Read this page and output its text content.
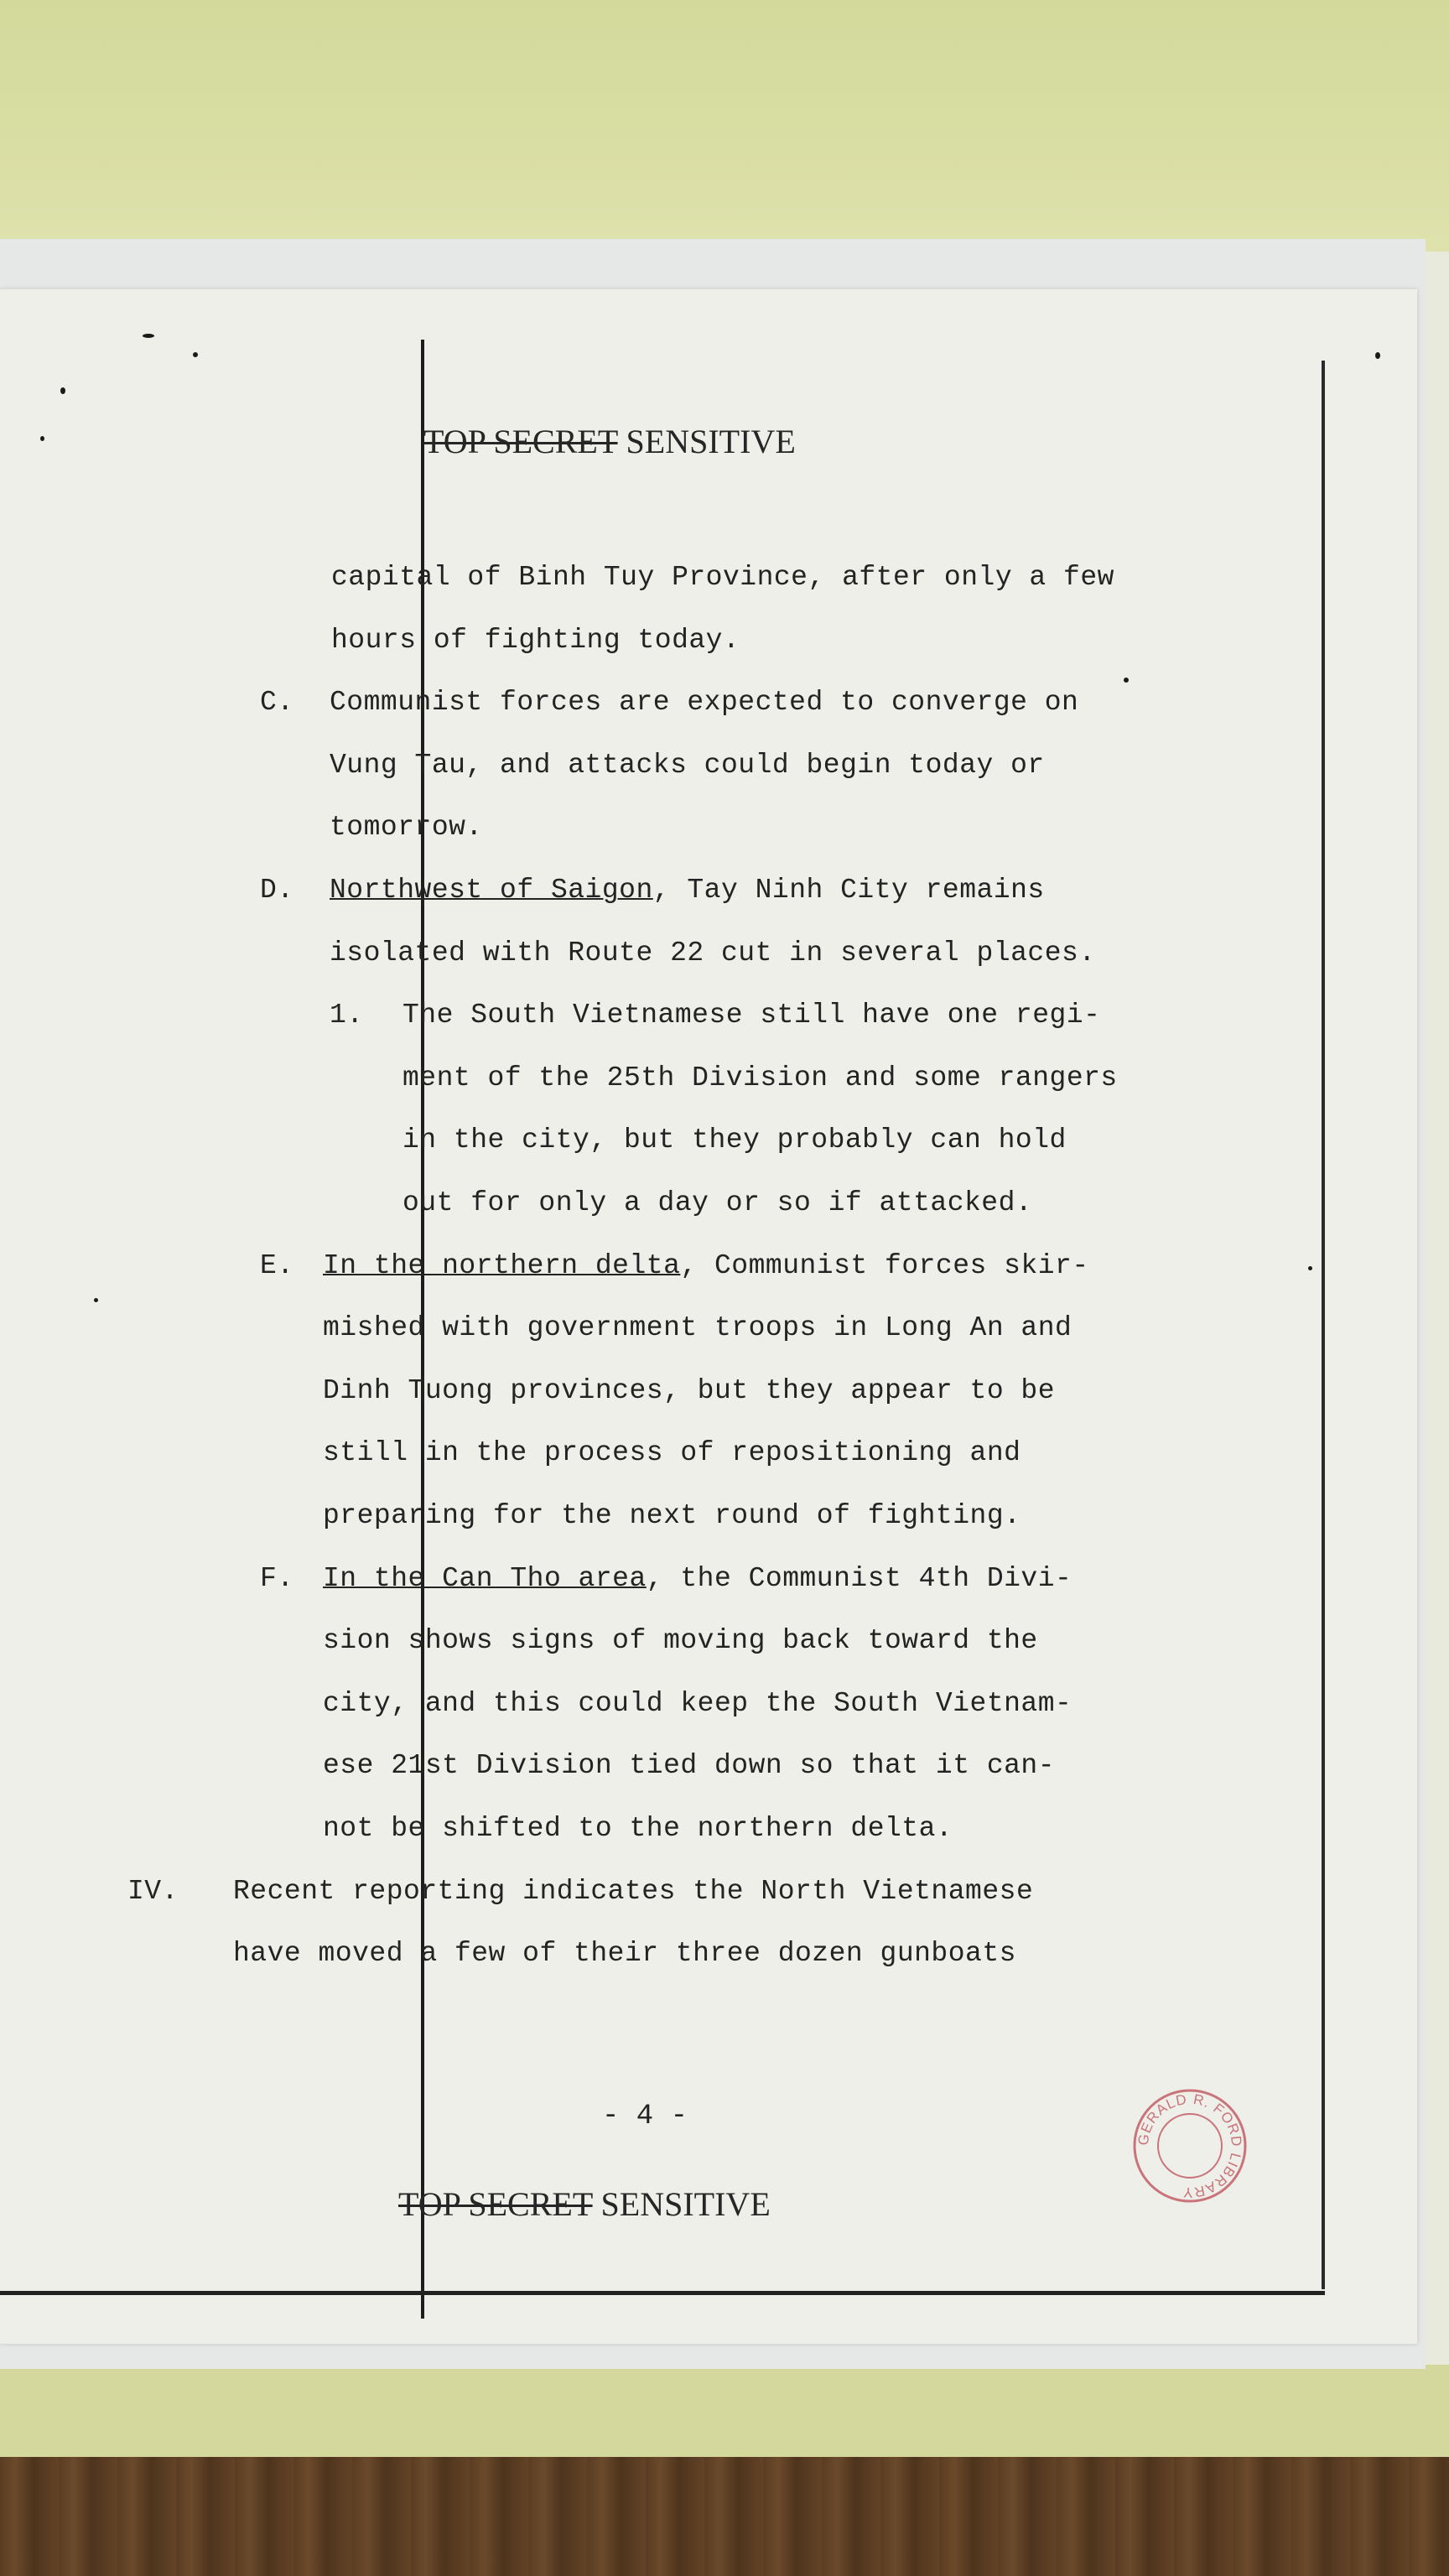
TOP SECRET SENSITIVE
capital of Binh Tuy Province, after only a few
hours of fighting today.
C. Communist forces are expected to converge on
Vung Tau, and attacks could begin today or
tomorrow.
D. Northwest of Saigon, Tay Ninh City remains
isolated with Route 22 cut in several places.
1. The South Vietnamese still have one regi-
ment of the 25th Division and some rangers
in the city, but they probably can hold
out for only a day or so if attacked.
E. In the northern delta, Communist forces skir-
mished with government troops in Long An and
Dinh Tuong provinces, but they appear to be
still in the process of repositioning and
preparing for the next round of fighting.
F. In the Can Tho area, the Communist 4th Divi-
sion shows signs of moving back toward the
city, and this could keep the South Vietnam-
ese 21st Division tied down so that it can-
not be shifted to the northern delta.
IV. Recent reporting indicates the North Vietnamese
have moved a few of their three dozen gunboats
- 4 -
TOP SECRET SENSITIVE
GERALD R. FORD LIBRARY
